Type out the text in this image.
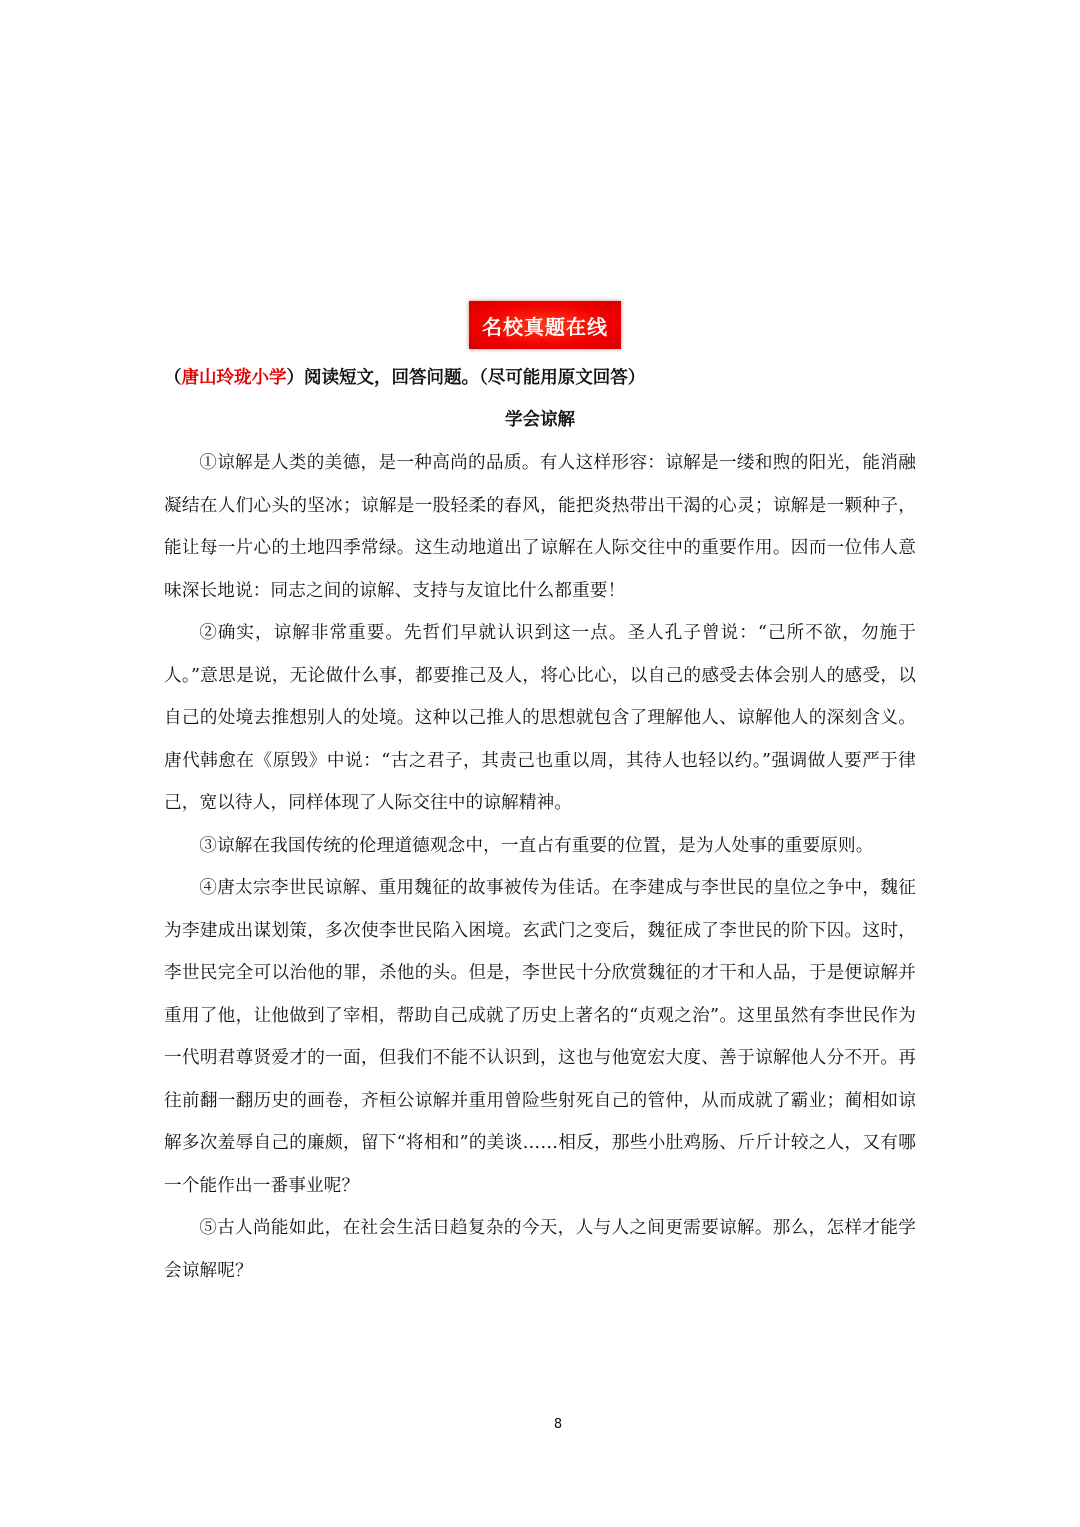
名校真题在线
（唐山玲珑小学）阅读短文，回答问题。（尽可能用原文回答）
学会谅解

①谅解是人类的美德，是一种高尚的品质。有人这样形容：谅解是一缕和煦的阳光，能消融凝结在人们心头的坚冰；谅解是一股轻柔的春风，能把炎热带出干渴的心灵；谅解是一颗种子，能让每一片心的土地四季常绿。这生动地道出了谅解在人际交往中的重要作用。因而一位伟人意味深长地说：同志之间的谅解、支持与友谊比什么都重要！

②确实，谅解非常重要。先哲们早就认识到这一点。圣人孔子曾说：“己所不欲，勿施于人。”意思是说，无论做什么事，都要推己及人，将心比心，以自己的感受去体会别人的感受，以自己的处境去推想别人的处境。这种以己推人的思想就包含了理解他人、谅解他人的深刻含义。唐代韩愈在《原毁》中说：“古之君子，其责己也重以周，其待人也轻以约。”强调做人要严于律己，宽以待人，同样体现了人际交往中的谅解精神。

③谅解在我国传统的伦理道德观念中，一直占有重要的位置，是为人处事的重要原则。

④唐太宗李世民谅解、重用魏征的故事被传为佳话。在李建成与李世民的皇位之争中，魏征为李建成出谋划策，多次使李世民陷入困境。玄武门之变后，魏征成了李世民的阶下囚。这时，李世民完全可以治他的罪，杀他的头。但是，李世民十分欣赏魏征的才干和人品，于是便谅解并重用了他，让他做到了宰相，帮助自己成就了历史上著名的“贞观之治”。这里虽然有李世民作为一代明君尊贤爱才的一面，但我们不能不认识到，这也与他宽宏大度、善于谅解他人分不开。再往前翻一翻历史的画卷，齐桓公谅解并重用曾险些射死自己的管仲，从而成就了霸业；蔺相如谅解多次羞辱自己的廉颇，留下“将相和”的美谈……相反，那些小肚鸡肠、斤斤计较之人，又有哪一个能作出一番事业呢？

⑤古人尚能如此，在社会生活日趋复杂的今天，人与人之间更需要谅解。那么，怎样才能学会谅解呢？

8
